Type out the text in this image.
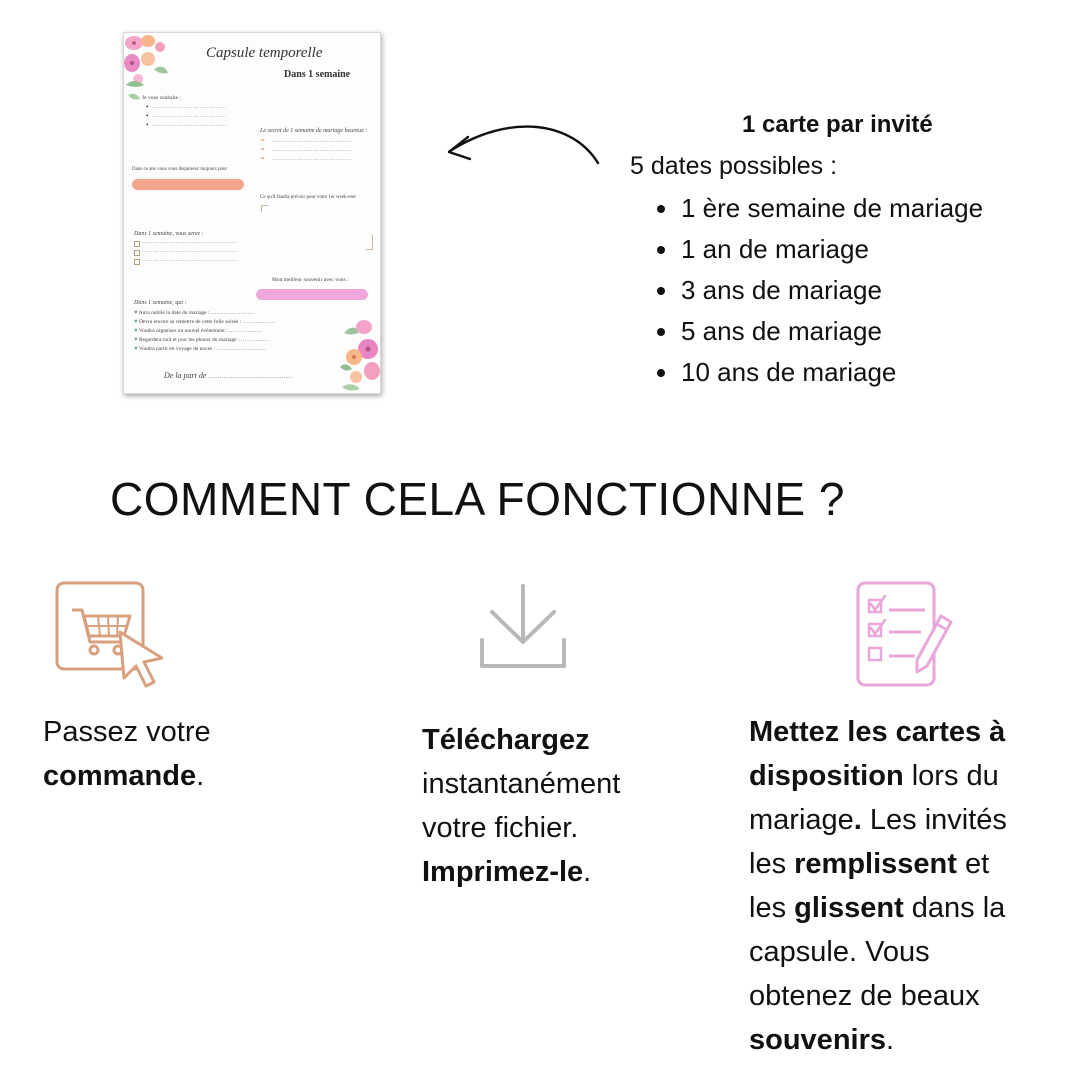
Capsule temporelle
Dans 1 semaine
Je vous souhaite :
• ……………………………………
• ……………………………………
• ……………………………………
Le secret de 1 semaine de mariage heureux :
❧ ………………………………………
❧ ………………………………………
❧ ………………………………………
Dans ce ans vous vous disputerez toujours pour
Ce qu'il faudra prévoir pour votre 1er week-end
Dans 1 semaine, vous serez :
………………………………………………
………………………………………………
………………………………………………
Mon meilleur souvenir avec vous :
Dans 1 semaine, qui :
♥ Aura oublié la date du mariage : ……………………
♥ Devra encore se remettre de cette folle soirée : ………………
♥ Voudra organiser un nouvel évènement : ………………
♥ Regardera nuit et jour les photos du mariage : ……………
♥ Voudra partir en voyage de noces : ………………………
De la part de ………………………………………
1 carte par invité
5 dates possibles :
1 ère semaine de mariage
1 an de mariage
3 ans de mariage
5 ans de mariage
10 ans de mariage
COMMENT CELA FONCTIONNE ?
Passez votre
commande.
Téléchargez
instantanément
votre fichier.
Imprimez-le.
Mettez les cartes à
disposition lors du
mariage. Les invités
les remplissent et
les glissent dans la
capsule. Vous
obtenez de beaux
souvenirs.
